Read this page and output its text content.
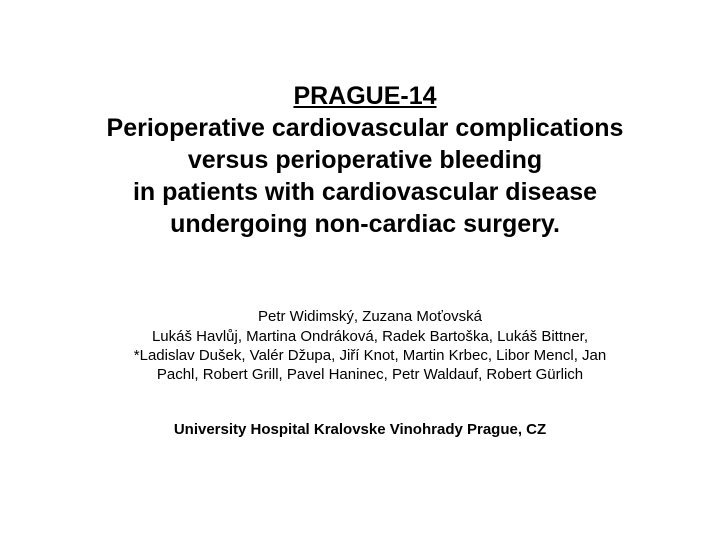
PRAGUE-14
Perioperative cardiovascular complications
versus perioperative bleeding
in patients with cardiovascular disease
undergoing non-cardiac surgery.
Petr Widimský, Zuzana Moťovská
Lukáš Havlůj, Martina Ondráková, Radek Bartoška, Lukáš Bittner,
*Ladislav Dušek, Valér Džupa, Jiří Knot, Martin Krbec, Libor Mencl, Jan
Pachl, Robert Grill, Pavel Haninec, Petr Waldauf, Robert Gürlich
University Hospital Kralovske Vinohrady Prague, CZ
